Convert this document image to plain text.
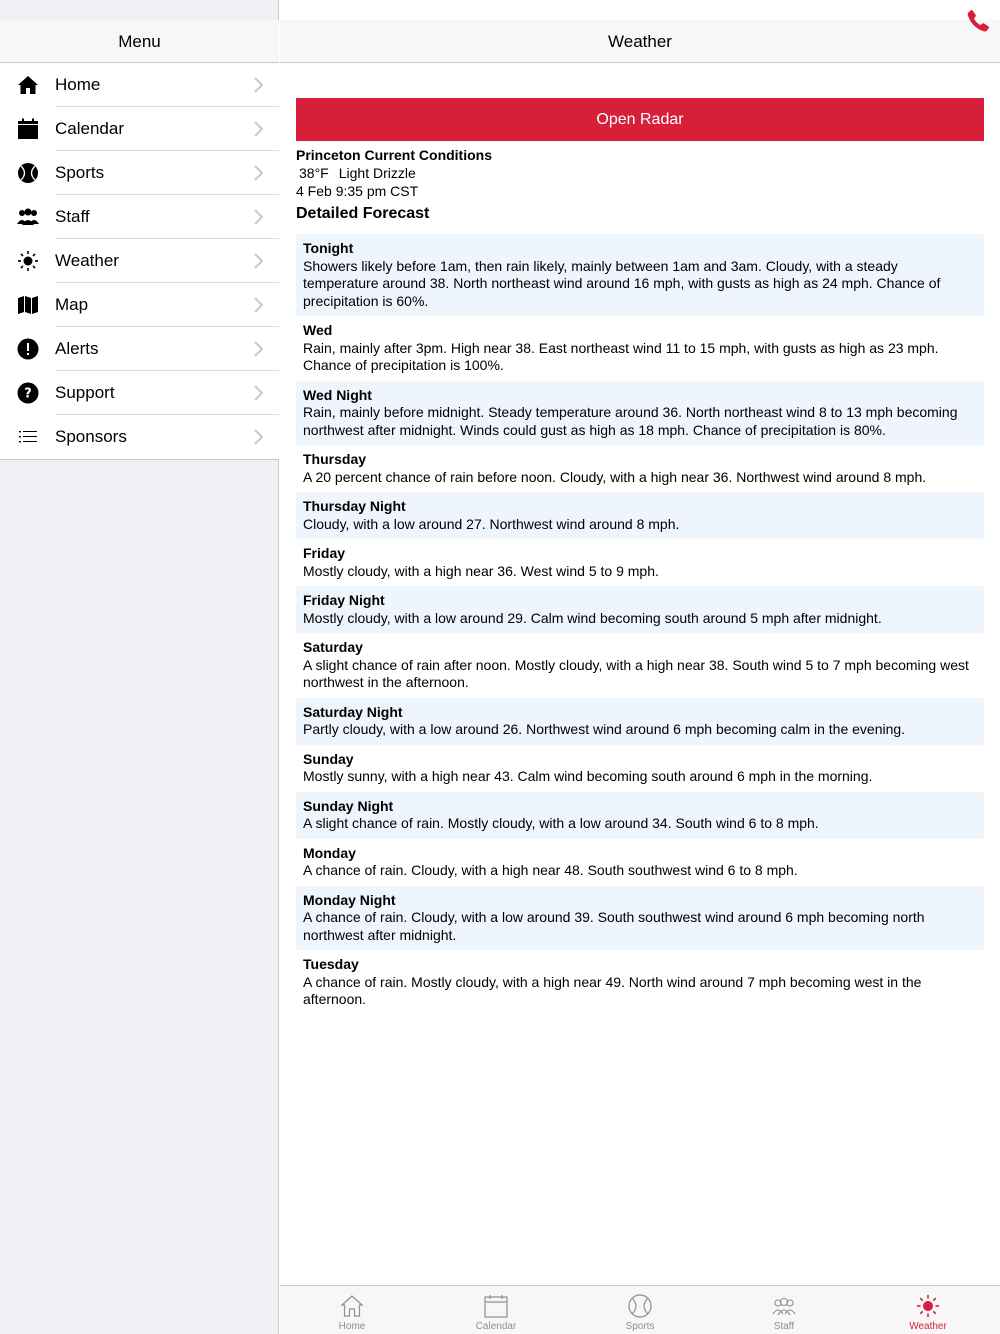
Menu
Home
Calendar
Sports
Staff
Weather
Map
Alerts
? Support
Sponsors
Weather
Open Radar
Princeton Current Conditions
38°F Light Drizzle
4 Feb 9:35 pm CST
Detailed Forecast
Tonight
Showers likely before 1am, then rain likely, mainly between 1am and 3am. Cloudy, with a steady temperature around 38. North northeast wind around 16 mph, with gusts as high as 24 mph. Chance of precipitation is 60%.
Wed
Rain, mainly after 3pm. High near 38. East northeast wind 11 to 15 mph, with gusts as high as 23 mph. Chance of precipitation is 100%.
Wed Night
Rain, mainly before midnight. Steady temperature around 36. North northeast wind 8 to 13 mph becoming northwest after midnight. Winds could gust as high as 18 mph. Chance of precipitation is 80%.
Thursday
A 20 percent chance of rain before noon. Cloudy, with a high near 36. Northwest wind around 8 mph.
Thursday Night
Cloudy, with a low around 27. Northwest wind around 8 mph.
Friday
Mostly cloudy, with a high near 36. West wind 5 to 9 mph.
Friday Night
Mostly cloudy, with a low around 29. Calm wind becoming south around 5 mph after midnight.
Saturday
A slight chance of rain after noon. Mostly cloudy, with a high near 38. South wind 5 to 7 mph becoming west northwest in the afternoon.
Saturday Night
Partly cloudy, with a low around 26. Northwest wind around 6 mph becoming calm in the evening.
Sunday
Mostly sunny, with a high near 43. Calm wind becoming south around 6 mph in the morning.
Sunday Night
A slight chance of rain. Mostly cloudy, with a low around 34. South wind 6 to 8 mph.
Monday
A chance of rain. Cloudy, with a high near 48. South southwest wind 6 to 8 mph.
Monday Night
A chance of rain. Cloudy, with a low around 39. South southwest wind around 6 mph becoming north northwest after midnight.
Tuesday
A chance of rain. Mostly cloudy, with a high near 49. North wind around 7 mph becoming west in the afternoon.
Home	Calendar	Sports	Staff	Weather
